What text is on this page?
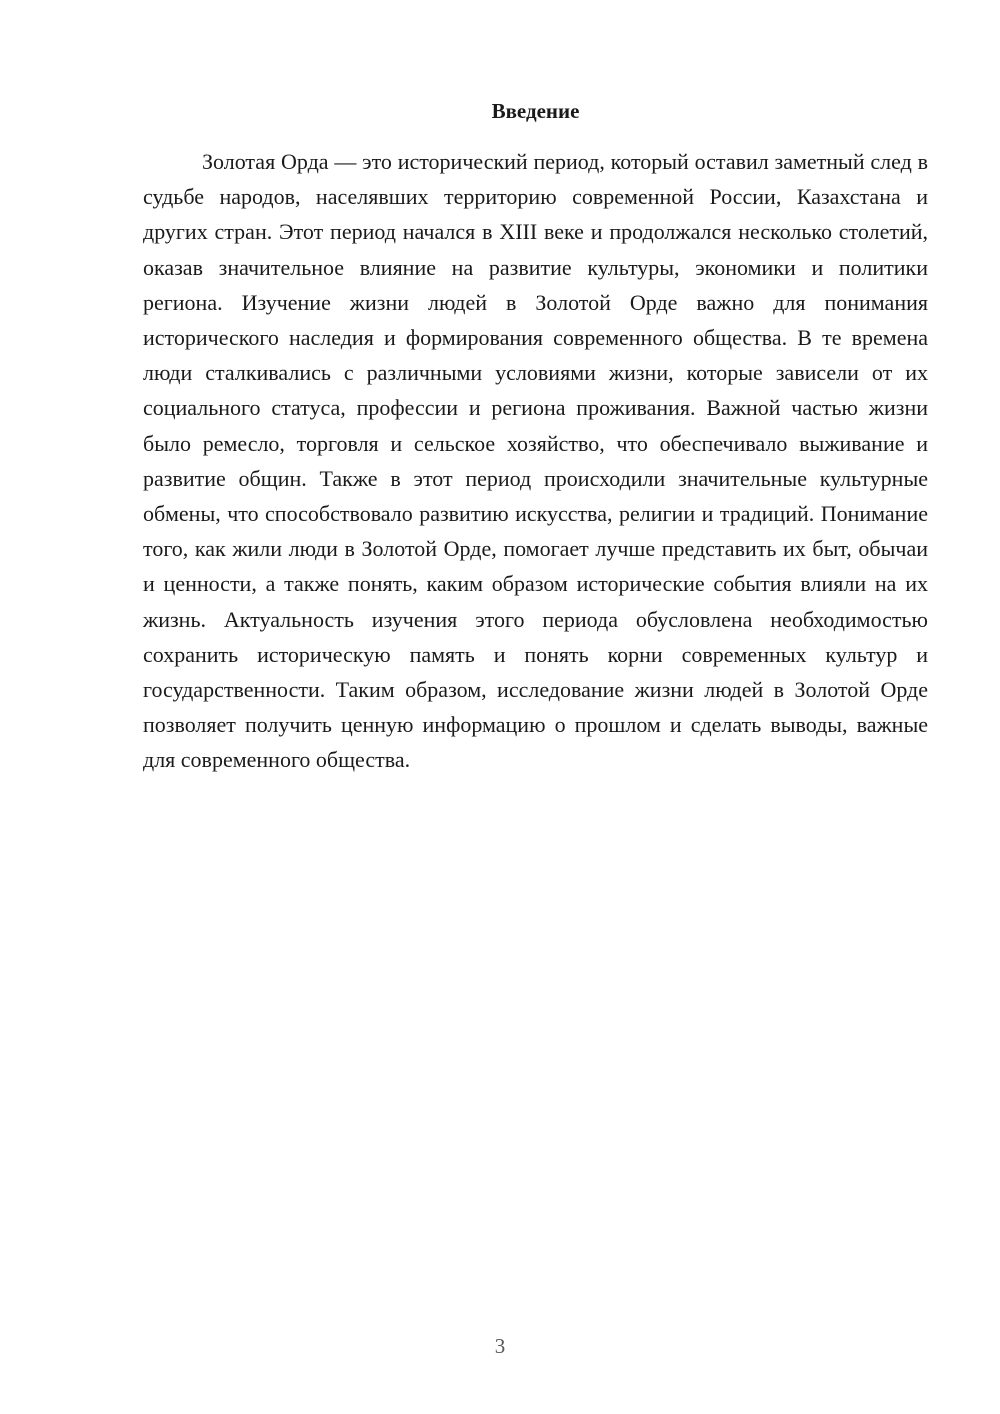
Введение

Золотая Орда — это исторический период, который оставил заметный след в судьбе народов, населявших территорию современной России, Казахстана и других стран. Этот период начался в XIII веке и продолжался несколько столетий, оказав значительное влияние на развитие культуры, экономики и политики региона. Изучение жизни людей в Золотой Орде важно для понимания исторического наследия и формирования современного общества. В те времена люди сталкивались с различными условиями жизни, которые зависели от их социального статуса, профессии и региона проживания. Важной частью жизни было ремесло, торговля и сельское хозяйство, что обеспечивало выживание и развитие общин. Также в этот период происходили значительные культурные обмены, что способствовало развитию искусства, религии и традиций. Понимание того, как жили люди в Золотой Орде, помогает лучше представить их быт, обычаи и ценности, а также понять, каким образом исторические события влияли на их жизнь. Актуальность изучения этого периода обусловлена необходимостью сохранить историческую память и понять корни современных культур и государственности. Таким образом, исследование жизни людей в Золотой Орде позволяет получить ценную информацию о прошлом и сделать выводы, важные для современного общества.

3
